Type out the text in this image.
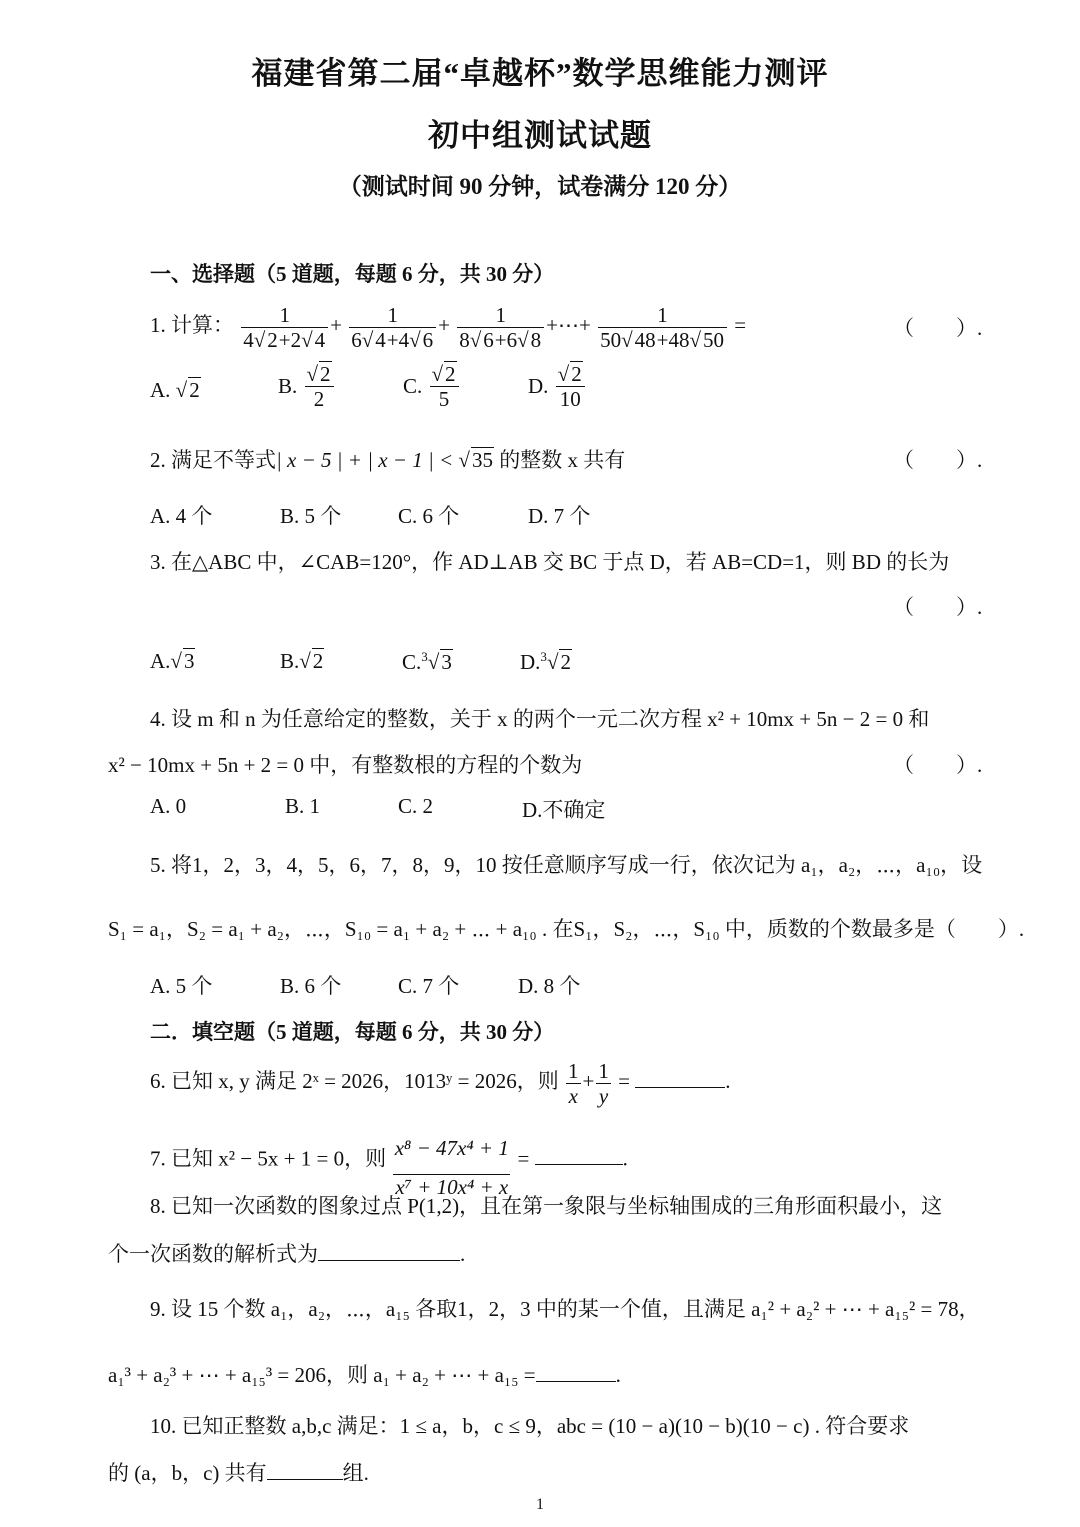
福建省第二届“卓越杯”数学思维能力测评
初中组测试试题
（测试时间 90 分钟，试卷满分 120 分）
一、选择题（5 道题，每题 6 分，共 30 分）
1. 计算： $\frac{1}{4√2+2√4} + \frac{1}{6√4+4√6} + \frac{1}{8√6+6√8}$ +⋯+ $\frac{1}{50√48+48√50}$ =	（　　）.
A. √2	B. $\frac{√2}{2}$	C. $\frac{√2}{5}$	D. $\frac{√2}{10}$
2. 满足不等式| x − 5 | + | x − 1 | < √35 的整数 x 共有	（　　）.
A. 4 个	B. 5 个	C. 6 个	D. 7 个
3. 在△ABC 中，∠CAB=120°，作 AD⊥AB 交 BC 于点 D，若 AB=CD=1，则 BD 的长为
（　　）.
A.√3	B.√2	C.$^3$√3	D.$^3$√2
4. 设 m 和 n 为任意给定的整数，关于 x 的两个一元二次方程 x² + 10mx + 5n − 2 = 0 和
x² − 10mx + 5n + 2 = 0 中，有整数根的方程的个数为	（　　）.
A. 0	B. 1	C. 2	D.不确定
5. 将1，2，3，4，5，6，7，8，9，10 按任意顺序写成一行，依次记为 a₁，a₂，⋯，a₁₀，设
S₁ = a₁，S₂ = a₁ + a₂，⋯，S₁₀ = a₁ + a₂ + ⋯ + a₁₀ . 在S₁，S₂，⋯，S₁₀ 中，质数的个数最多是（　　）.
A. 5 个	B. 6 个	C. 7 个	D. 8 个
二．填空题（5 道题，每题 6 分，共 30 分）
6. 已知 x, y 满足 2ˣ = 2026，1013ʸ = 2026，则 $\frac{1}{x} + \frac{1}{y}$ =	.
7. 已知 x² − 5x + 1 = 0，则 $\frac{\text{x⁸ − 47x⁴ + 1}}{\text{x⁷ + 10x⁴ + x}}$ =	.
8. 已知一次函数的图象过点 P(1,2)，且在第一象限与坐标轴围成的三角形面积最小，这
个一次函数的解析式为	.
9. 设 15 个数 a₁，a₂，⋯，a₁₅ 各取1，2，3 中的某一个值，且满足 a₁² + a₂² + ⋯ + a₁₅² = 78，
a₁³ + a₂³ + ⋯ + a₁₅³ = 206，则 a₁ + a₂ + ⋯ + a₁₅ =	.
10. 已知正整数 a,b,c 满足：1 ≤ a，b，c ≤ 9，abc = (10 − a)(10 − b)(10 − c) . 符合要求
的 (a，b，c) 共有	组.
1
